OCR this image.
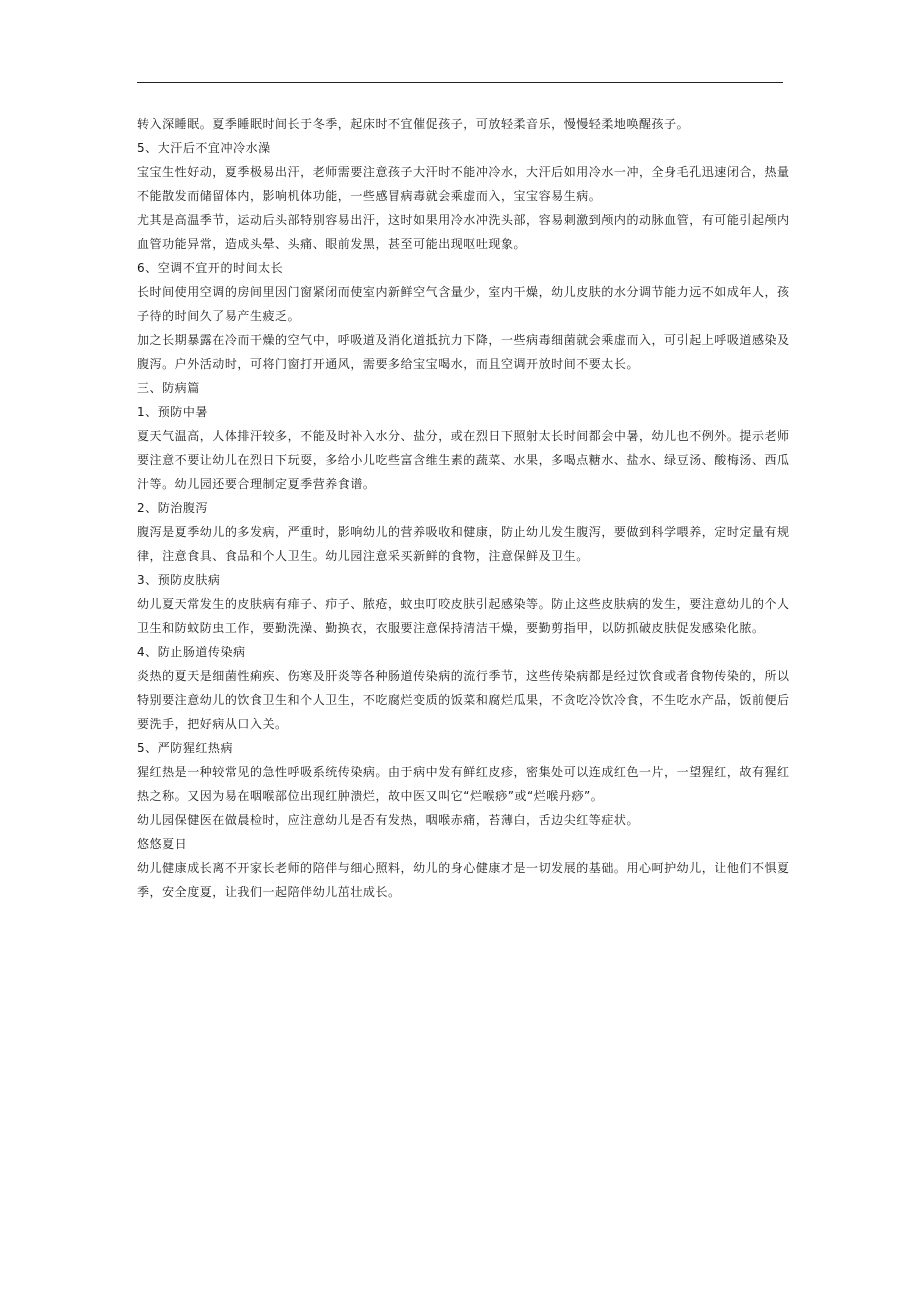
转入深睡眠。夏季睡眠时间长于冬季，起床时不宜催促孩子，可放轻柔音乐，慢慢轻柔地唤醒孩子。
5、大汗后不宜冲冷水澡
宝宝生性好动，夏季极易出汗，老师需要注意孩子大汗时不能冲冷水，大汗后如用冷水一冲，全身毛孔迅速闭合，热量
不能散发而储留体内，影响机体功能，一些感冒病毒就会乘虚而入，宝宝容易生病。
尤其是高温季节，运动后头部特别容易出汗，这时如果用冷水冲洗头部，容易刺激到颅内的动脉血管，有可能引起颅内
血管功能异常，造成头晕、头痛、眼前发黑，甚至可能出现呕吐现象。
6、空调不宜开的时间太长
长时间使用空调的房间里因门窗紧闭而使室内新鲜空气含量少，室内干燥，幼儿皮肤的水分调节能力远不如成年人，孩
子待的时间久了易产生疲乏。
加之长期暴露在冷而干燥的空气中，呼吸道及消化道抵抗力下降，一些病毒细菌就会乘虚而入，可引起上呼吸道感染及
腹泻。户外活动时，可将门窗打开通风，需要多给宝宝喝水，而且空调开放时间不要太长。
三、防病篇
1、预防中暑
夏天气温高，人体排汗较多，不能及时补入水分、盐分，或在烈日下照射太长时间都会中暑，幼儿也不例外。提示老师
要注意不要让幼儿在烈日下玩耍，多给小儿吃些富含维生素的蔬菜、水果，多喝点糖水、盐水、绿豆汤、酸梅汤、西瓜
汁等。幼儿园还要合理制定夏季营养食谱。
2、防治腹泻
腹泻是夏季幼儿的多发病，严重时，影响幼儿的营养吸收和健康，防止幼儿发生腹泻，要做到科学喂养，定时定量有规
律，注意食具、食品和个人卫生。幼儿园注意采买新鲜的食物，注意保鲜及卫生。
3、预防皮肤病
幼儿夏天常发生的皮肤病有痱子、疖子、脓疮，蚊虫叮咬皮肤引起感染等。防止这些皮肤病的发生，要注意幼儿的个人
卫生和防蚊防虫工作，要勤洗澡、勤换衣，衣服要注意保持清洁干燥，要勤剪指甲，以防抓破皮肤促发感染化脓。
4、防止肠道传染病
炎热的夏天是细菌性痢疾、伤寒及肝炎等各种肠道传染病的流行季节，这些传染病都是经过饮食或者食物传染的，所以
特别要注意幼儿的饮食卫生和个人卫生，不吃腐烂变质的饭菜和腐烂瓜果，不贪吃冷饮冷食，不生吃水产品，饭前便后
要洗手，把好病从口入关。
5、严防猩红热病
猩红热是一种较常见的急性呼吸系统传染病。由于病中发有鲜红皮疹，密集处可以连成红色一片，一望猩红，故有猩红
热之称。又因为易在咽喉部位出现红肿溃烂，故中医又叫它“烂喉痧”或“烂喉丹痧”。
幼儿园保健医在做晨检时，应注意幼儿是否有发热，咽喉赤痛，苔薄白，舌边尖红等症状。
悠悠夏日
幼儿健康成长离不开家长老师的陪伴与细心照料，幼儿的身心健康才是一切发展的基础。用心呵护幼儿，让他们不惧夏
季，安全度夏，让我们一起陪伴幼儿茁壮成长。
